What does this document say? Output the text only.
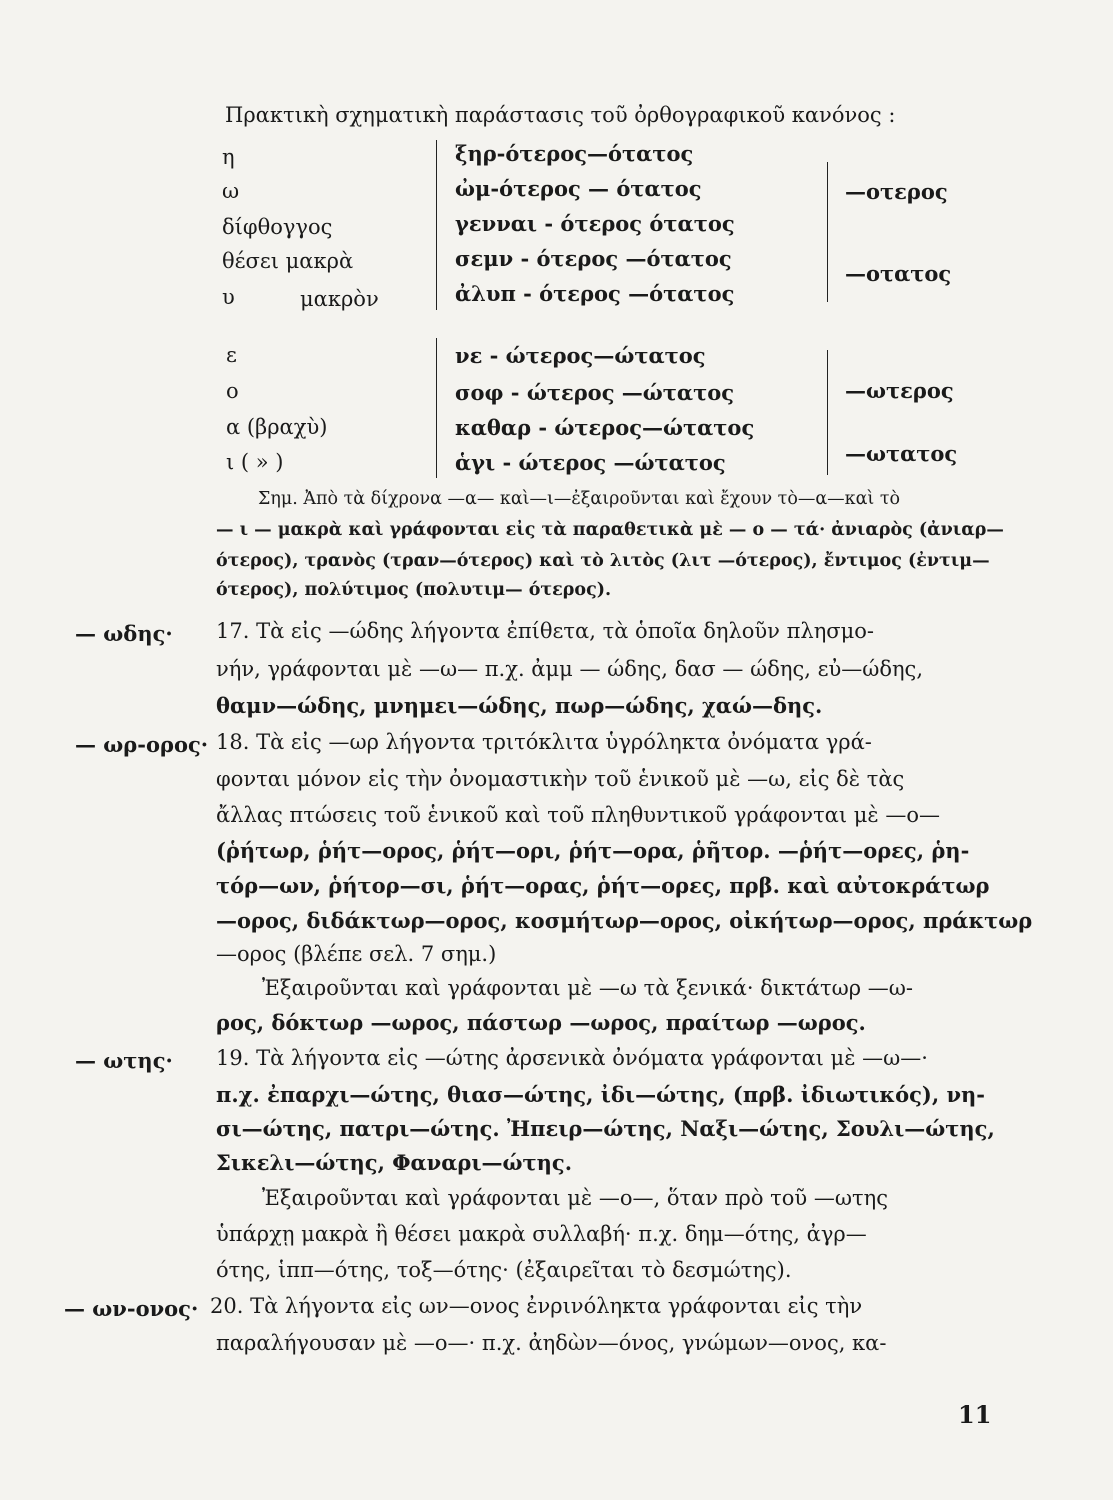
Πρακτικὴ σχηματικὴ παράστασις τοῦ ὀρθογραφικοῦ κανόνος :
η
ω
δίφθογγος
θέσει μακρὰ
υ	μακρὸν
ξηρ-ότερος—ότατος
ὠμ-ότερος — ότατος
γενναι - ότερος ότατος
σεμν - ότερος —ότατος
ἀλυπ - ότερος —ότατος
—οτερος
—οτατος
ε
ο
α (βραχὺ)
ι ( » )
νε - ώτερος—ώτατος
σοφ - ώτερος —ώτατος
καθαρ - ώτερος—ώτατος
ἁγι - ώτερος —ώτατος
—ωτερος
—ωτατος
Σημ. Ἀπὸ τὰ δίχρονα —α— καὶ—ι—ἐξαιροῦνται καὶ ἔχουν τὸ—α—καὶ τὸ
— ι — μακρὰ καὶ γράφονται εἰς τὰ παραθετικὰ μὲ — ο — τά· ἀνιαρὸς (ἀνιαρ—
ότερος), τρανὸς (τραν—ότερος) καὶ τὸ λιτὸς (λιτ —ότερος), ἔντιμος (ἐντιμ—
ότερος), πολύτιμος (πολυτιμ— ότερος).
— ωδης· 17. Τὰ εἰς —ώδης λήγοντα ἐπίθετα, τὰ ὁποῖα δηλοῦν πλησμο-
νήν, γράφονται μὲ —ω— π.χ. ἀμμ — ώδης, δασ — ώδης, εὐ—ώδης,
θαμν—ώδης, μνημει—ώδης, πωρ—ώδης, χαώ—δης.
— ωρ-ορος· 18. Τὰ εἰς —ωρ λήγοντα τριτόκλιτα ὑγρόληκτα ὀνόματα γρά-
φονται μόνον εἰς τὴν ὀνομαστικὴν τοῦ ἑνικοῦ μὲ —ω, εἰς δὲ τὰς
ἄλλας πτώσεις τοῦ ἑνικοῦ καὶ τοῦ πληθυντικοῦ γράφονται μὲ —ο—
(ῥήτωρ, ῥήτ—ορος, ῥήτ—ορι, ῥήτ—ορα, ῥῆτορ. —ῥήτ—ορες, ῥη-
τόρ—ων, ῥήτορ—σι, ῥήτ—ορας, ῥήτ—ορες, πρβ. καὶ αὐτοκράτωρ
—ορος, διδάκτωρ—ορος, κοσμήτωρ—ορος, οἰκήτωρ—ορος, πράκτωρ
—ορος (βλέπε σελ. 7 σημ.)
Ἐξαιροῦνται καὶ γράφονται μὲ —ω τὰ ξενικά· δικτάτωρ —ω-
ρος, δόκτωρ —ωρος, πάστωρ —ωρος, πραίτωρ —ωρος.
— ωτης· 19. Τὰ λήγοντα εἰς —ώτης ἀρσενικὰ ὀνόματα γράφονται μὲ —ω—·
π.χ. ἐπαρχι—ώτης, θιασ—ώτης, ἰδι—ώτης, (πρβ. ἰδιωτικός), νη-
σι—ώτης, πατρι—ώτης. Ἠπειρ—ώτης, Ναξι—ώτης, Σουλι—ώτης,
Σικελι—ώτης, Φαναρι—ώτης.
Ἐξαιροῦνται καὶ γράφονται μὲ —ο—, ὅταν πρὸ τοῦ —ωτης
ὑπάρχῃ μακρὰ ἢ θέσει μακρὰ συλλαβή· π.χ. δημ—ότης, ἀγρ—
ότης, ἱππ—ότης, τοξ—ότης· (ἐξαιρεῖται τὸ δεσμώτης).
— ων-ονος· 20. Τὰ λήγοντα εἰς ων—ονος ἐνρινόληκτα γράφονται εἰς τὴν
παραλήγουσαν μὲ —ο—· π.χ. ἀηδὼν—όνος, γνώμων—ονος, κα-
11
